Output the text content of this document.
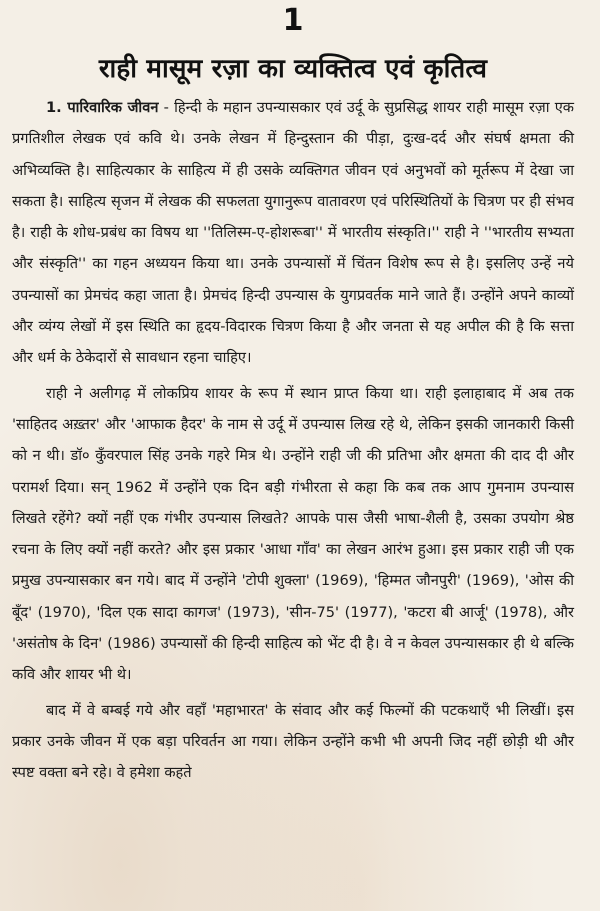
1
राही मासूम रज़ा का व्यक्तित्व एवं कृतित्व

1. पारिवारिक जीवन - हिन्दी के महान उपन्यासकार एवं उर्दू के सुप्रसिद्ध शायर राही मासूम रज़ा एक प्रगतिशील लेखक एवं कवि थे। उनके लेखन में हिन्दुस्तान की पीड़ा, दुःख-दर्द और संघर्ष क्षमता की अभिव्यक्ति है। साहित्यकार के साहित्य में ही उसके व्यक्तिगत जीवन एवं अनुभवों को मूर्तरूप में देखा जा सकता है। साहित्य सृजन में लेखक की सफलता युगानुरूप वातावरण एवं परिस्थितियों के चित्रण पर ही संभव है। राही के शोध-प्रबंध का विषय था ''तिलिस्म-ए-होशरूबा'' में भारतीय संस्कृति।'' राही ने ''भारतीय सभ्यता और संस्कृति'' का गहन अध्ययन किया था। उनके उपन्यासों में चिंतन विशेष रूप से है। इसलिए उन्हें नये उपन्यासों का प्रेमचंद कहा जाता है। प्रेमचंद हिन्दी उपन्यास के युगप्रवर्तक माने जाते हैं। उन्होंने अपने काव्यों और व्यंग्य लेखों में इस स्थिति का हृदय-विदारक चित्रण किया है और जनता से यह अपील की है कि सत्ता और धर्म के ठेकेदारों से सावधान रहना चाहिए।

राही ने अलीगढ़ में लोकप्रिय शायर के रूप में स्थान प्राप्त किया था। राही इलाहाबाद में अब तक 'साहितद अख़्तर' और 'आफाक हैदर' के नाम से उर्दू में उपन्यास लिख रहे थे, लेकिन इसकी जानकारी किसी को न थी। डॉ० कुँवरपाल सिंह उनके गहरे मित्र थे। उन्होंने राही जी की प्रतिभा और क्षमता की दाद दी और परामर्श दिया। सन् 1962 में उन्होंने एक दिन बड़ी गंभीरता से कहा कि कब तक आप गुमनाम उपन्यास लिखते रहेंगे? क्यों नहीं एक गंभीर उपन्यास लिखते? आपके पास जैसी भाषा-शैली है, उसका उपयोग श्रेष्ठ रचना के लिए क्यों नहीं करते? और इस प्रकार 'आधा गाँव' का लेखन आरंभ हुआ। इस प्रकार राही जी एक प्रमुख उपन्यासकार बन गये। बाद में उन्होंने 'टोपी शुक्ला' (1969), 'हिम्मत जौनपुरी' (1969), 'ओस की बूँद' (1970), 'दिल एक सादा कागज' (1973), 'सीन-75' (1977), 'कटरा बी आर्जू' (1978), और 'असंतोष के दिन' (1986) उपन्यासों की हिन्दी साहित्य को भेंट दी है। वे न केवल उपन्यासकार ही थे बल्कि कवि और शायर भी थे।

बाद में वे बम्बई गये और वहाँ 'महाभारत' के संवाद और कई फिल्मों की पटकथाएँ भी लिखीं। इस प्रकार उनके जीवन में एक बड़ा परिवर्तन आ गया। लेकिन उन्होंने कभी भी अपनी जिद नहीं छोड़ी थी और स्पष्ट वक्ता बने रहे। वे हमेशा कहते
